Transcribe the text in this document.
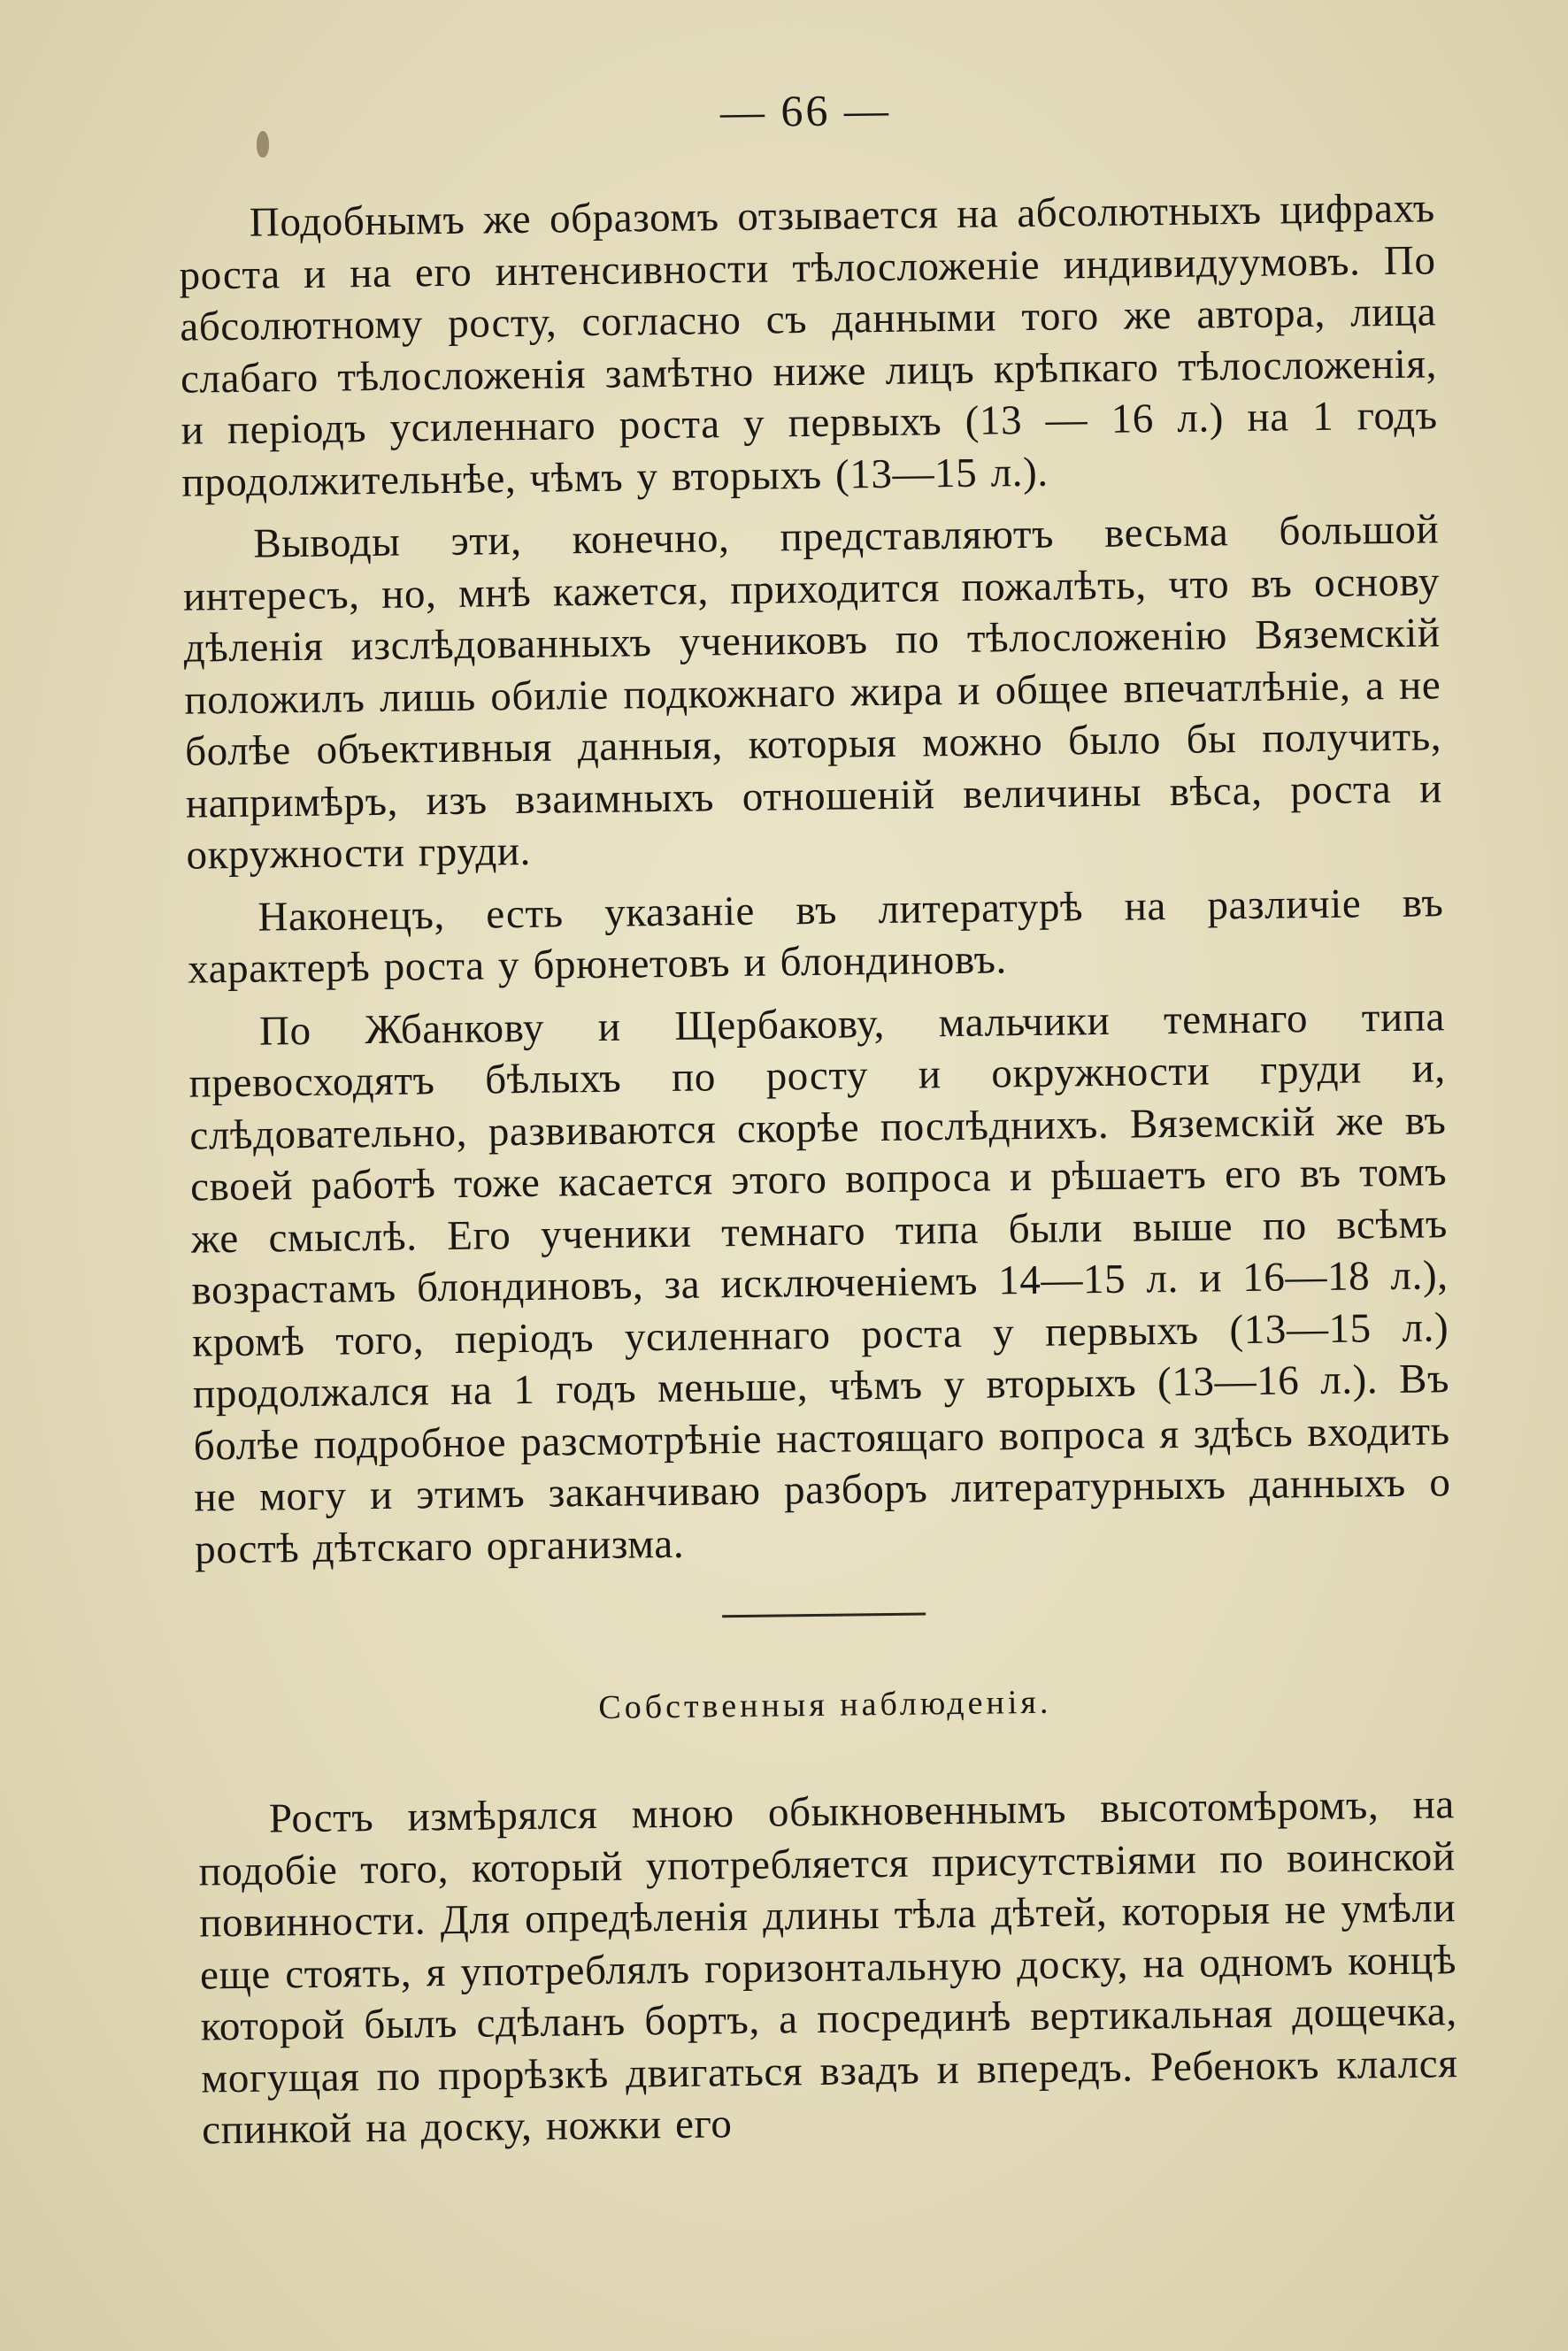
— 66 —

Подобнымъ же образомъ отзывается на абсолютныхъ цифрахъ роста и на его интенсивности тѣлосложеніе индивидуумовъ. По абсолютному росту, согласно съ данными того же автора, лица слабаго тѣлосложенія замѣтно ниже лицъ крѣпкаго тѣлосложенія, и періодъ усиленнаго роста у первыхъ (13 — 16 л.) на 1 годъ продолжительнѣе, чѣмъ у вторыхъ (13—15 л.).

Выводы эти, конечно, представляютъ весьма большой интересъ, но, мнѣ кажется, приходится пожалѣть, что въ основу дѣленія изслѣдованныхъ учениковъ по тѣлосложенію Вяземскій положилъ лишь обиліе подкожнаго жира и общее впечатлѣніе, а не болѣе объективныя данныя, которыя можно было бы получить, напримѣръ, изъ взаимныхъ отношеній величины вѣса, роста и окружности груди.

Наконецъ, есть указаніе въ литературѣ на различіе въ характерѣ роста у брюнетовъ и блондиновъ.

По Жбанкову и Щербакову, мальчики темнаго типа превосходятъ бѣлыхъ по росту и окружности груди и, слѣдовательно, развиваются скорѣе послѣднихъ. Вяземскій же въ своей работѣ тоже касается этого вопроса и рѣшаетъ его въ томъ же смыслѣ. Его ученики темнаго типа были выше по всѣмъ возрастамъ блондиновъ, за исключеніемъ 14—15 л. и 16—18 л.), кромѣ того, періодъ усиленнаго роста у первыхъ (13—15 л.) продолжался на 1 годъ меньше, чѣмъ у вторыхъ (13—16 л.). Въ болѣе подробное разсмотрѣніе настоящаго вопроса я здѣсь входить не могу и этимъ заканчиваю разборъ литературныхъ данныхъ о ростѣ дѣтскаго организма.

Собственныя наблюденія.

Ростъ измѣрялся мною обыкновеннымъ высотомѣромъ, на подобіе того, который употребляется присутствіями по воинской повинности. Для опредѣленія длины тѣла дѣтей, которыя не умѣли еще стоять, я употреблялъ горизонтальную доску, на одномъ концѣ которой былъ сдѣланъ бортъ, а посрединѣ вертикальная дощечка, могущая по прорѣзкѣ двигаться взадъ и впередъ. Ребенокъ клался спинкой на доску, ножки его
